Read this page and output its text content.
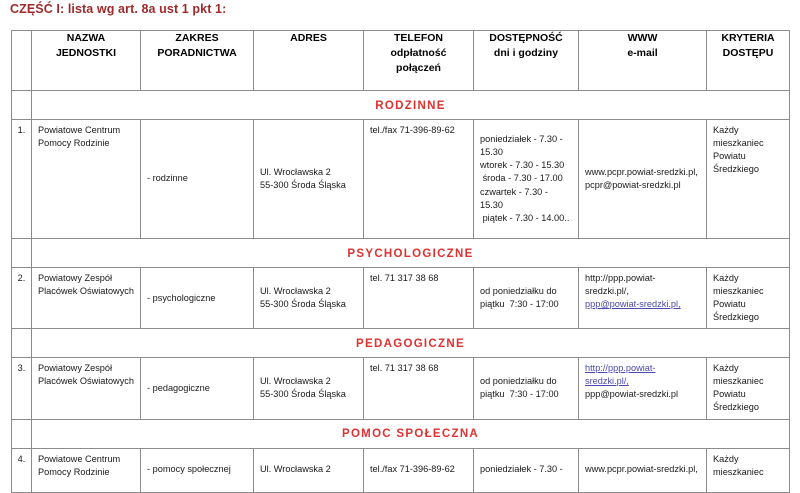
CZĘŚĆ I: lista wg art. 8a ust 1 pkt 1:

	NAZWA
JEDNOSTKI	ZAKRES
PORADNICTWA	ADRES	TELEFON
odpłatność
połączeń	DOSTĘPNOŚĆ
dni i godziny	WWW
e-mail	KRYTERIA
DOSTĘPU

	RODZINNE						
1.	Powiatowe Centrum
Pomocy Rodzinie	- rodzinne	Ul. Wrocławska 2
55-300 Środa Śląska	tel./fax 71-396-89-62	poniedziałek - 7.30 - 15.30
wtorek - 7.30 - 15.30
środa - 7.30 - 17.00
czwartek - 7.30 - 15.30
piątek - 7.30 - 14.00..	www.pcpr.powiat-sredzki.pl,
pcpr@powiat-sredzki.pl	Każdy
mieszkaniec
Powiatu
Średzkiego

	PSYCHOLOGICZNE						
2.	Powiatowy Zespół
Placówek Oświatowych	- psychologiczne	Ul. Wrocławska 2
55-300 Środa Śląska	tel. 71 317 38 68	od poniedziałku do
piątku  7:30 - 17:00	http://ppp.powiat-
sredzki.pl/,
ppp@powiat-sredzki.pl,	Każdy
mieszkaniec
Powiatu
Średzkiego

	PEDAGOGICZNE						
3.	Powiatowy Zespół
Placówek Oświatowych	- pedagogiczne	Ul. Wrocławska 2
55-300 Środa Śląska	tel. 71 317 38 68	od poniedziałku do
piątku  7:30 - 17:00	http://ppp.powiat-
sredzki.pl/,
ppp@powiat-sredzki.pl	Każdy
mieszkaniec
Powiatu
Średzkiego

	POMOC SPOŁECZNA						
4.	Powiatowe Centrum
Pomocy Rodzinie	- pomocy społecznej	Ul. Wrocławska 2	tel./fax 71-396-89-62	poniedziałek - 7.30 -	www.pcpr.powiat-sredzki.pl,	Każdy
mieszkaniec
